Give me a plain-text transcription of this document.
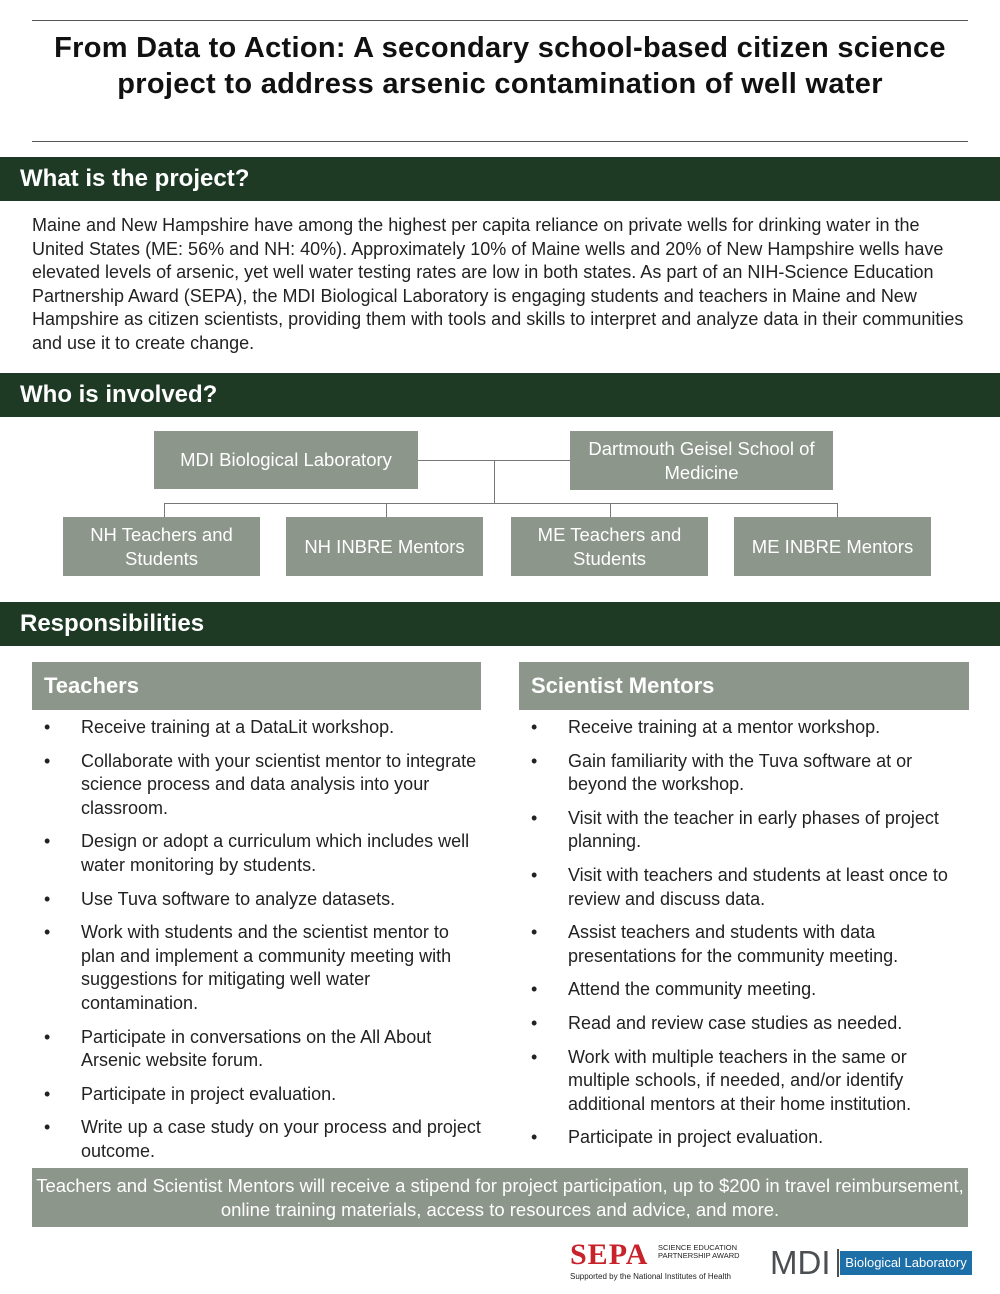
From Data to Action: A secondary school-based citizen science project to address arsenic contamination of well water
What is the project?

Maine and New Hampshire have among the highest per capita reliance on private wells for drinking water in the United States (ME: 56% and NH: 40%). Approximately 10% of Maine wells and 20% of New Hampshire wells have elevated levels of arsenic, yet well water testing rates are low in both states. As part of an NIH-Science Education Partnership Award (SEPA), the MDI Biological Laboratory is engaging students and teachers in Maine and New Hampshire as citizen scientists, providing them with tools and skills to interpret and analyze data in their communities and use it to create change.

Who is involved?
MDI Biological Laboratory
Dartmouth Geisel School of Medicine
NH Teachers and Students
NH INBRE Mentors
ME Teachers and Students
ME INBRE Mentors
Responsibilities
Teachers	Scientist Mentors
• Receive training at a DataLit workshop.
• Collaborate with your scientist mentor to integrate science process and data analysis into your classroom.
• Design or adopt a curriculum which includes well water monitoring by students.
• Use Tuva software to analyze datasets.
• Work with students and the scientist mentor to plan and implement a community meeting with suggestions for mitigating well water contamination.
• Participate in conversations on the All About Arsenic website forum.
• Participate in project evaluation.
• Write up a case study on your process and project outcome.
• Receive training at a mentor workshop.
• Gain familiarity with the Tuva software at or beyond the workshop.
• Visit with the teacher in early phases of project planning.
• Visit with teachers and students at least once to review and discuss data.
• Assist teachers and students with data presentations for the community meeting.
• Attend the community meeting.
• Read and review case studies as needed.
• Work with multiple teachers in the same or multiple schools, if needed, and/or identify additional mentors at their home institution.
• Participate in project evaluation.
Teachers and Scientist Mentors will receive a stipend for project participation, up to $200 in travel reimbursement, online training materials, access to resources and advice, and more.
SEPA SCIENCE EDUCATION
PARTNERSHIP AWARD
Supported by the National Institutes of Health MDI	Biological Laboratory
